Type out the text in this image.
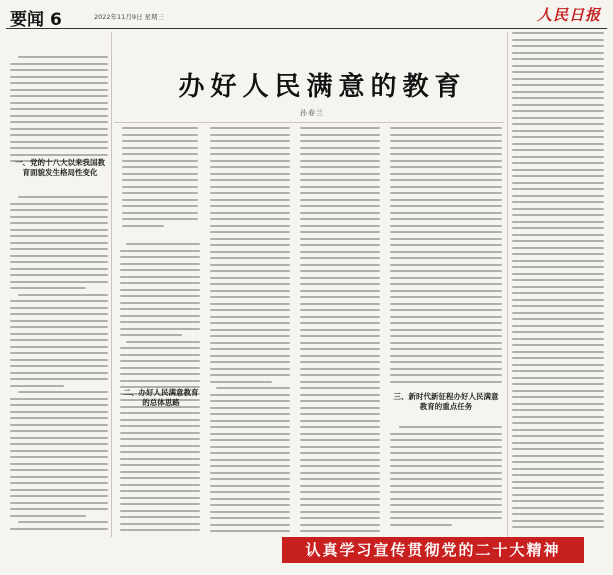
要闻 6	2022年11月9日 星期三	人民日报
办好人民满意的教育
孙春兰
一、党的十八大以来我国教育面貌发生格局性变化
二、办好人民满意教育的总体思路
三、新时代新征程办好人民满意教育的重点任务
认真学习宣传贯彻党的二十大精神
